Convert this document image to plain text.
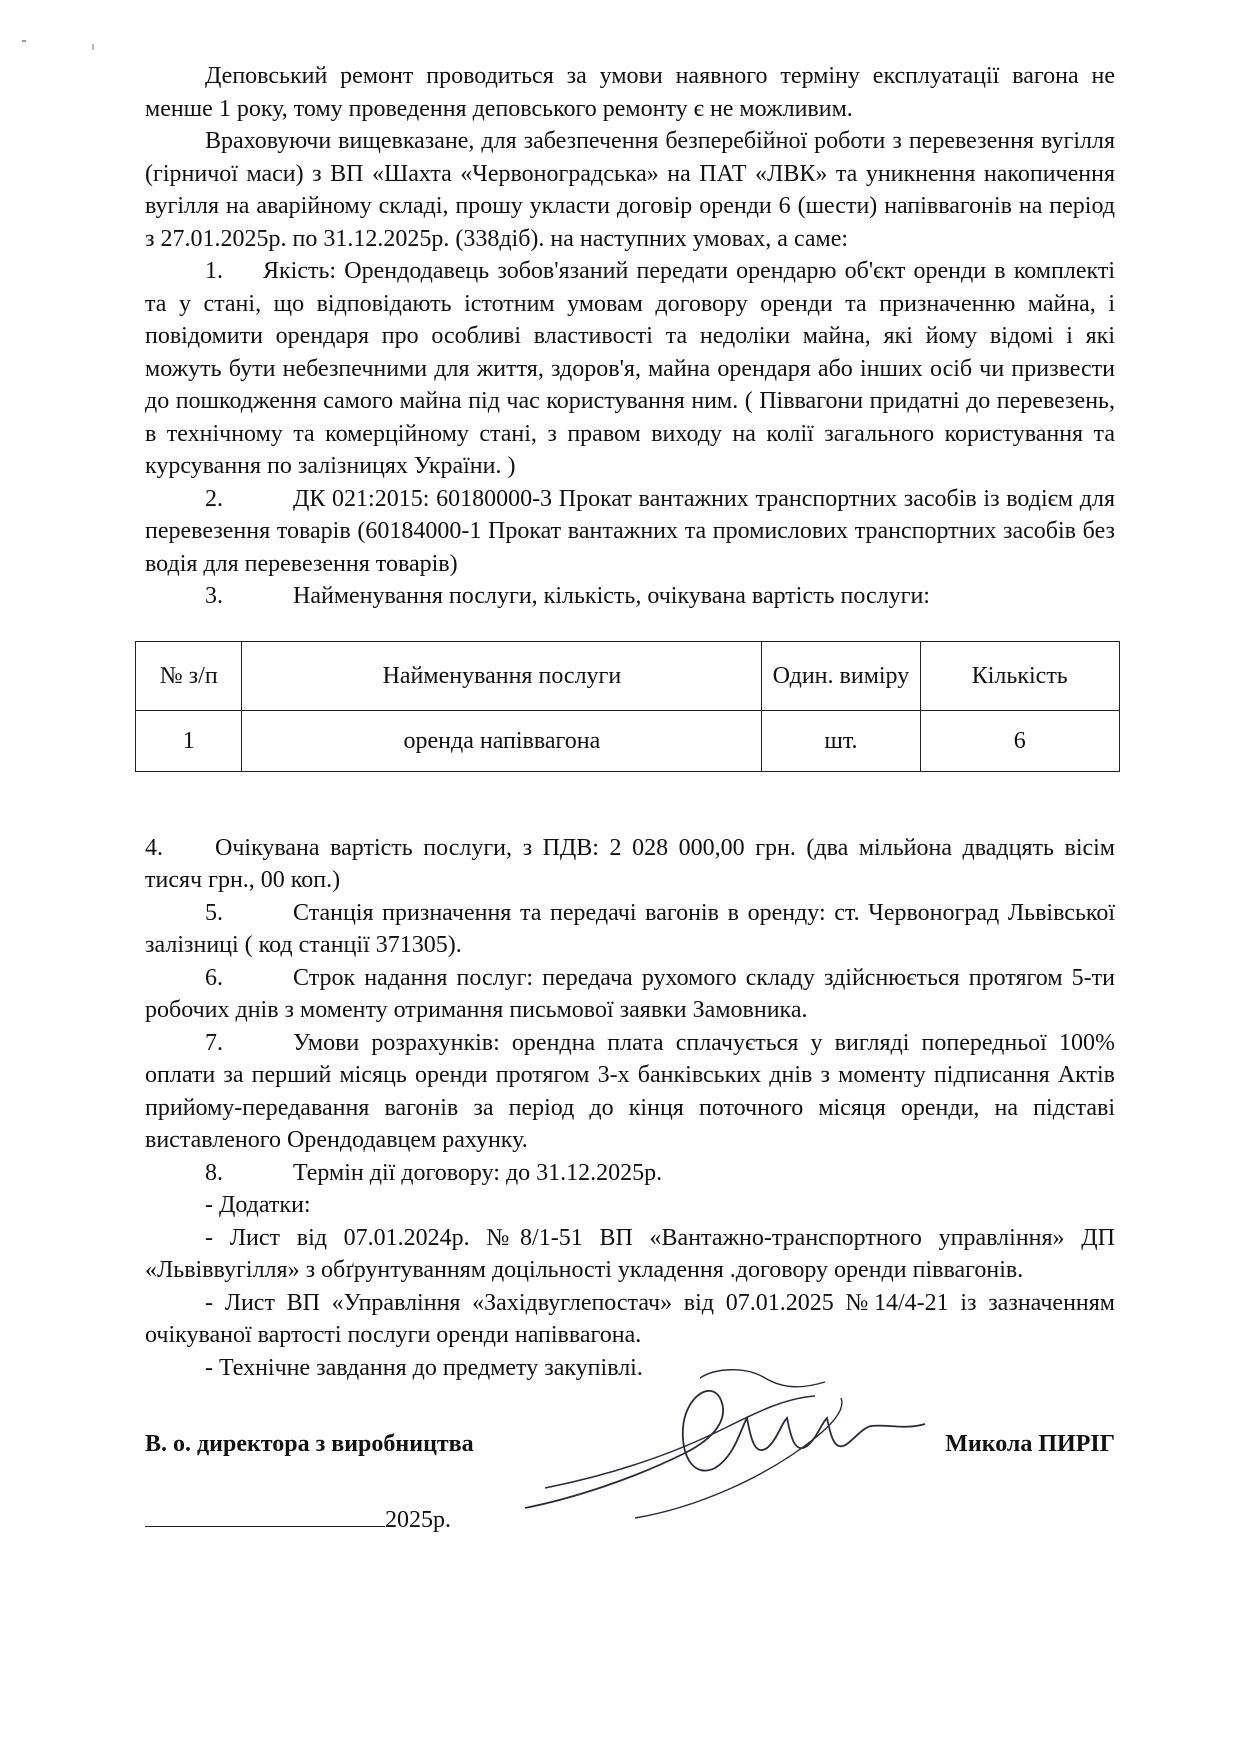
Деповський ремонт проводиться за умови наявного терміну експлуатації вагона не менше 1 року, тому проведення деповського ремонту є не можливим.

Враховуючи вищевказане, для забезпечення безперебійної роботи з перевезення вугілля (гірничої маси) з ВП «Шахта «Червоноградська» на ПАТ «ЛВК» та уникнення накопичення вугілля на аварійному складі, прошу укласти договір оренди 6 (шести) напіввагонів на період з 27.01.2025р. по 31.12.2025р. (338діб). на наступних умовах, а саме:

1. Якість: Орендодавець зобов'язаний передати орендарю об'єкт оренди в комплекті та у стані, що відповідають істотним умовам договору оренди та призначенню майна, і повідомити орендаря про особливі властивості та недоліки майна, які йому відомі і які можуть бути небезпечними для життя, здоров'я, майна орендаря або інших осіб чи призвести до пошкодження самого майна під час користування ним. ( Піввагони придатні до перевезень, в технічному та комерційному стані, з правом виходу на колії загального користування та курсування по залізницях України. )

2.	ДК 021:2015: 60180000-3 Прокат вантажних транспортних засобів із водієм для перевезення товарів (60184000-1 Прокат вантажних та промислових транспортних засобів без водія для перевезення товарів)

3.	Найменування послуги, кількість, очікувана вартість послуги:

№ з/п	Найменування послуги	Один. виміру	Кількість
1	оренда напіввагона	шт.	6

4. Очікувана вартість послуги, з ПДВ: 2 028 000,00 грн. (два мільйона двадцять вісім тисяч грн., 00 коп.)

5.	Станція призначення та передачі вагонів в оренду: ст. Червоноград Львівської залізниці ( код станції 371305).

6.	Строк надання послуг: передача рухомого складу здійснюється протягом 5-ти робочих днів з моменту отримання письмової заявки Замовника.

7.	Умови розрахунків: орендна плата сплачується у вигляді попередньої 100% оплати за перший місяць оренди протягом 3-х банківських днів з моменту підписання Актів прийому-передавання вагонів за період до кінця поточного місяця оренди, на підставі виставленого Орендодавцем рахунку.

8.	Термін дії договору: до 31.12.2025р.

- Додатки:

- Лист від 07.01.2024р. №8/1-51 ВП «Вантажно-транспортного управління» ДП «Львіввугілля» з обґрунтуванням доцільності укладення .договору оренди піввагонів.

- Лист ВП «Управління «Західвуглепостач» від 07.01.2025 №14/4-21 із зазначенням очікуваної вартості послуги оренди напіввагона.

- Технічне завдання до предмету закупівлі.

В. о. директора з виробництва	Микола ПИРІГ
2025р.
